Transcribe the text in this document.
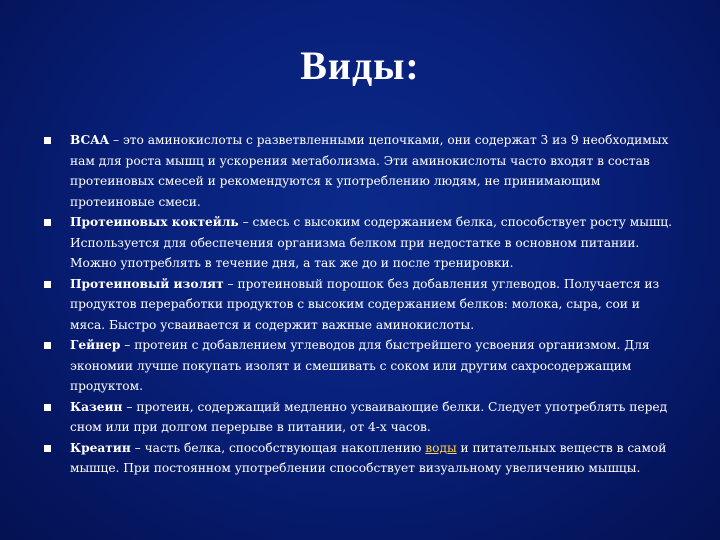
Виды:
BCAA – это аминокислоты с разветвленными цепочками, они содержат 3 из 9 необходимых нам для роста мышц и ускорения метаболизма. Эти аминокислоты часто входят в состав протеиновых смесей и рекомендуются к употреблению людям, не принимающим протеиновые смеси.
Протеиновых коктейль – смесь с высоким содержанием белка, способствует росту мышц. Используется для обеспечения организма белком при недостатке в основном питании. Можно употреблять в течение дня, а так же до и после тренировки.
Протеиновый изолят – протеиновый порошок без добавления углеводов. Получается из продуктов переработки продуктов с высоким содержанием белков: молока, сыра, сои и мяса. Быстро усваивается и содержит важные аминокислоты.
Гейнер – протеин с добавлением углеводов для быстрейшего усвоения организмом. Для экономии лучше покупать изолят и смешивать с соком или другим сахросодержащим продуктом.
Казеин – протеин, содержащий медленно усваивающие белки. Следует употреблять перед сном или при долгом перерыве в питании, от 4-х часов.
Креатин – часть белка, способствующая накоплению воды и питательных веществ в самой мышце. При постоянном употреблении способствует визуальному увеличению мышцы.
